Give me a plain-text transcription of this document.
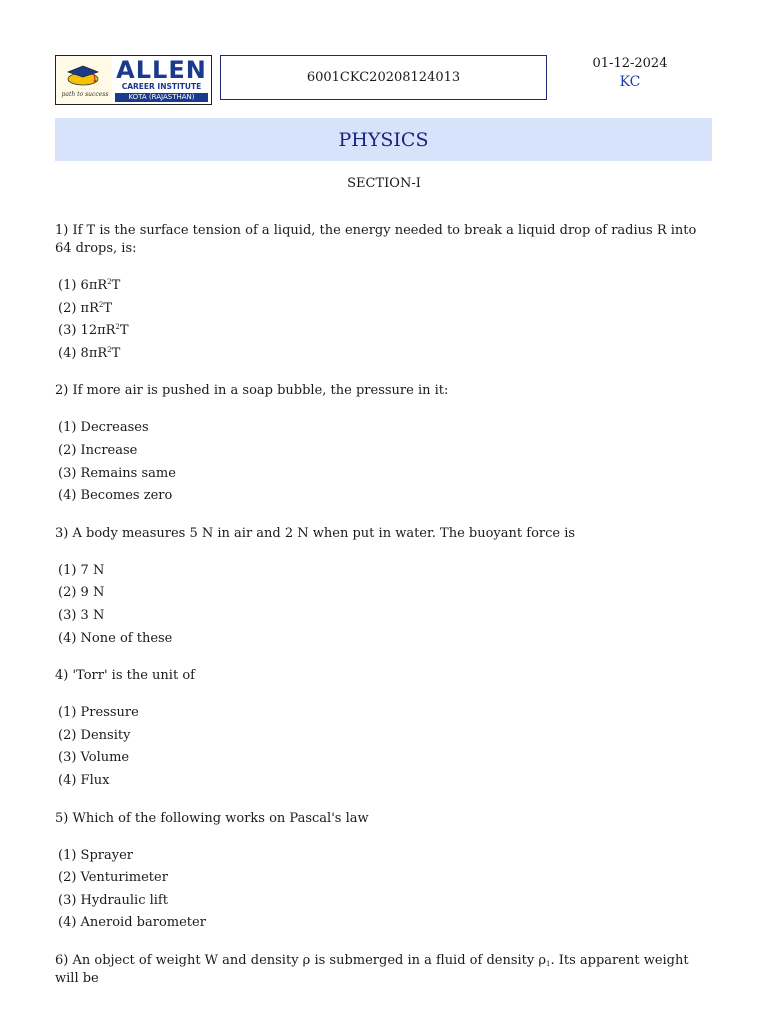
path to success
ALLEN
CAREER INSTITUTE
KOTA (RAJASTHAN)
6001CKC20208124013
01-12-2024
KC
PHYSICS
SECTION-I

1) If T is the surface tension of a liquid, the energy needed to break a liquid drop of radius R into 64 drops, is:

(1) $6\pi R^2T$
(2) $\pi R^2T$
(3) $12\pi R^2T$
(4) $8\pi R^2T$

2) If more air is pushed in a soap bubble, the pressure in it:

(1) Decreases
(2) Increase
(3) Remains same
(4) Becomes zero

3) A body measures 5 N in air and 2 N when put in water. The buoyant force is

(1) 7 N
(2) 9 N
(3) 3 N
(4) None of these

4) 'Torr' is the unit of

(1) Pressure
(2) Density
(3) Volume
(4) Flux

5) Which of the following works on Pascal's law

(1) Sprayer
(2) Venturimeter
(3) Hydraulic lift
(4) Aneroid barometer

6) An object of weight W and density ρ is submerged in a fluid of density $\rho_1$. Its apparent weight will be
